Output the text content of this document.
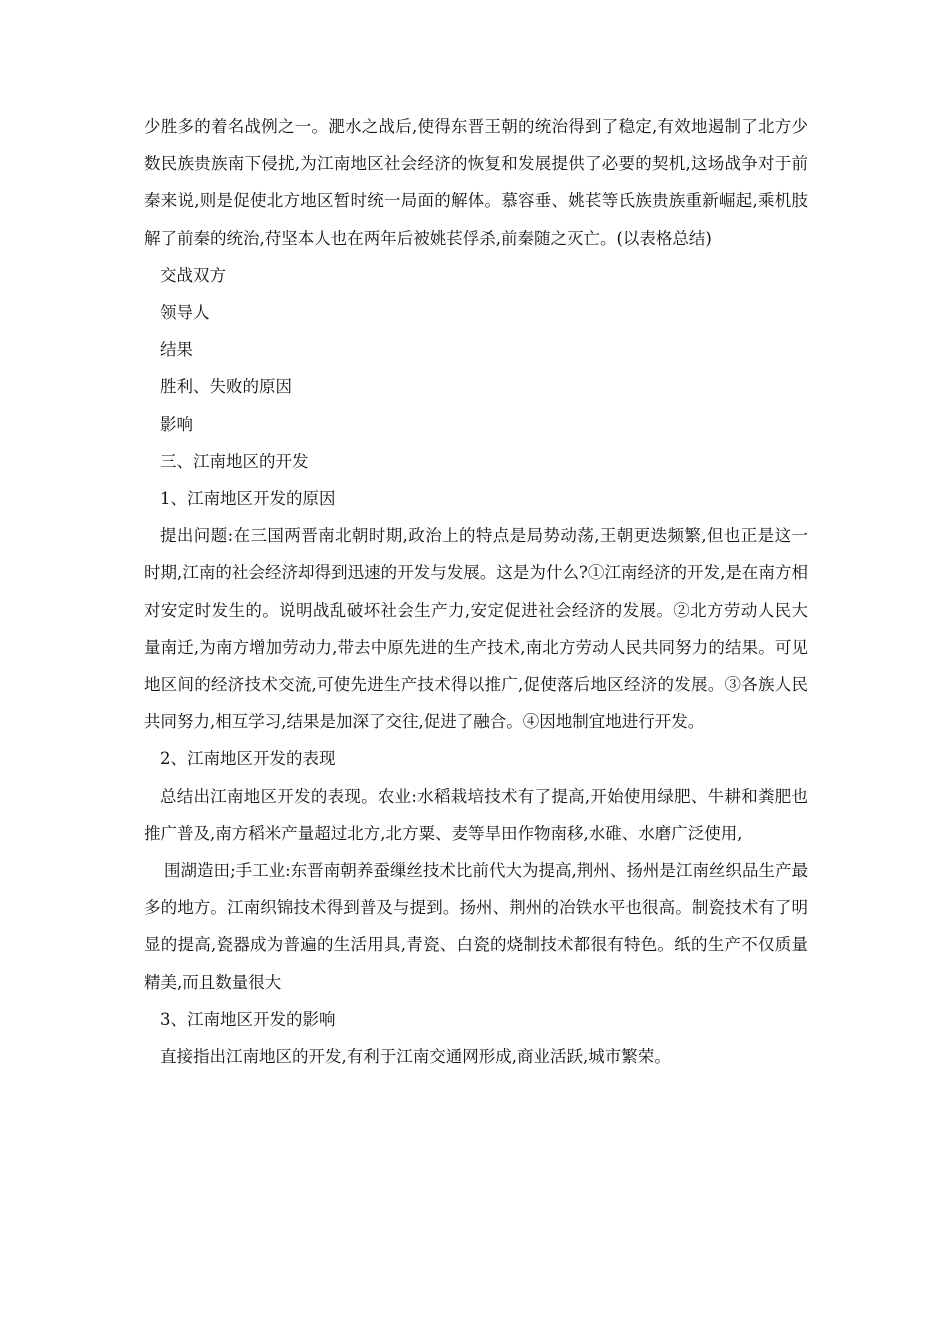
少胜多的着名战例之一。淝水之战后,使得东晋王朝的统治得到了稳定,有效地遏制了北方少数民族贵族南下侵扰,为江南地区社会经济的恢复和发展提供了必要的契机,这场战争对于前秦来说,则是促使北方地区暂时统一局面的解体。慕容垂、姚苌等氏族贵族重新崛起,乘机肢解了前秦的统治,苻坚本人也在两年后被姚苌俘杀,前秦随之灭亡。(以表格总结)

交战双方

领导人

结果

胜利、失败的原因

影响

三、江南地区的开发

1、江南地区开发的原因

提出问题:在三国两晋南北朝时期,政治上的特点是局势动荡,王朝更迭频繁,但也正是这一时期,江南的社会经济却得到迅速的开发与发展。这是为什么?①江南经济的开发,是在南方相对安定时发生的。说明战乱破坏社会生产力,安定促进社会经济的发展。②北方劳动人民大量南迁,为南方增加劳动力,带去中原先进的生产技术,南北方劳动人民共同努力的结果。可见地区间的经济技术交流,可使先进生产技术得以推广,促使落后地区经济的发展。③各族人民共同努力,相互学习,结果是加深了交往,促进了融合。④因地制宜地进行开发。

2、江南地区开发的表现

总结出江南地区开发的表现。农业:水稻栽培技术有了提高,开始使用绿肥、牛耕和粪肥也推广普及,南方稻米产量超过北方,北方粟、麦等旱田作物南移,水碓、水磨广泛使用,

围湖造田;手工业:东晋南朝养蚕缫丝技术比前代大为提高,荆州、扬州是江南丝织品生产最多的地方。江南织锦技术得到普及与提到。扬州、荆州的冶铁水平也很高。制瓷技术有了明显的提高,瓷器成为普遍的生活用具,青瓷、白瓷的烧制技术都很有特色。纸的生产不仅质量精美,而且数量很大

3、江南地区开发的影响

直接指出江南地区的开发,有利于江南交通网形成,商业活跃,城市繁荣。
